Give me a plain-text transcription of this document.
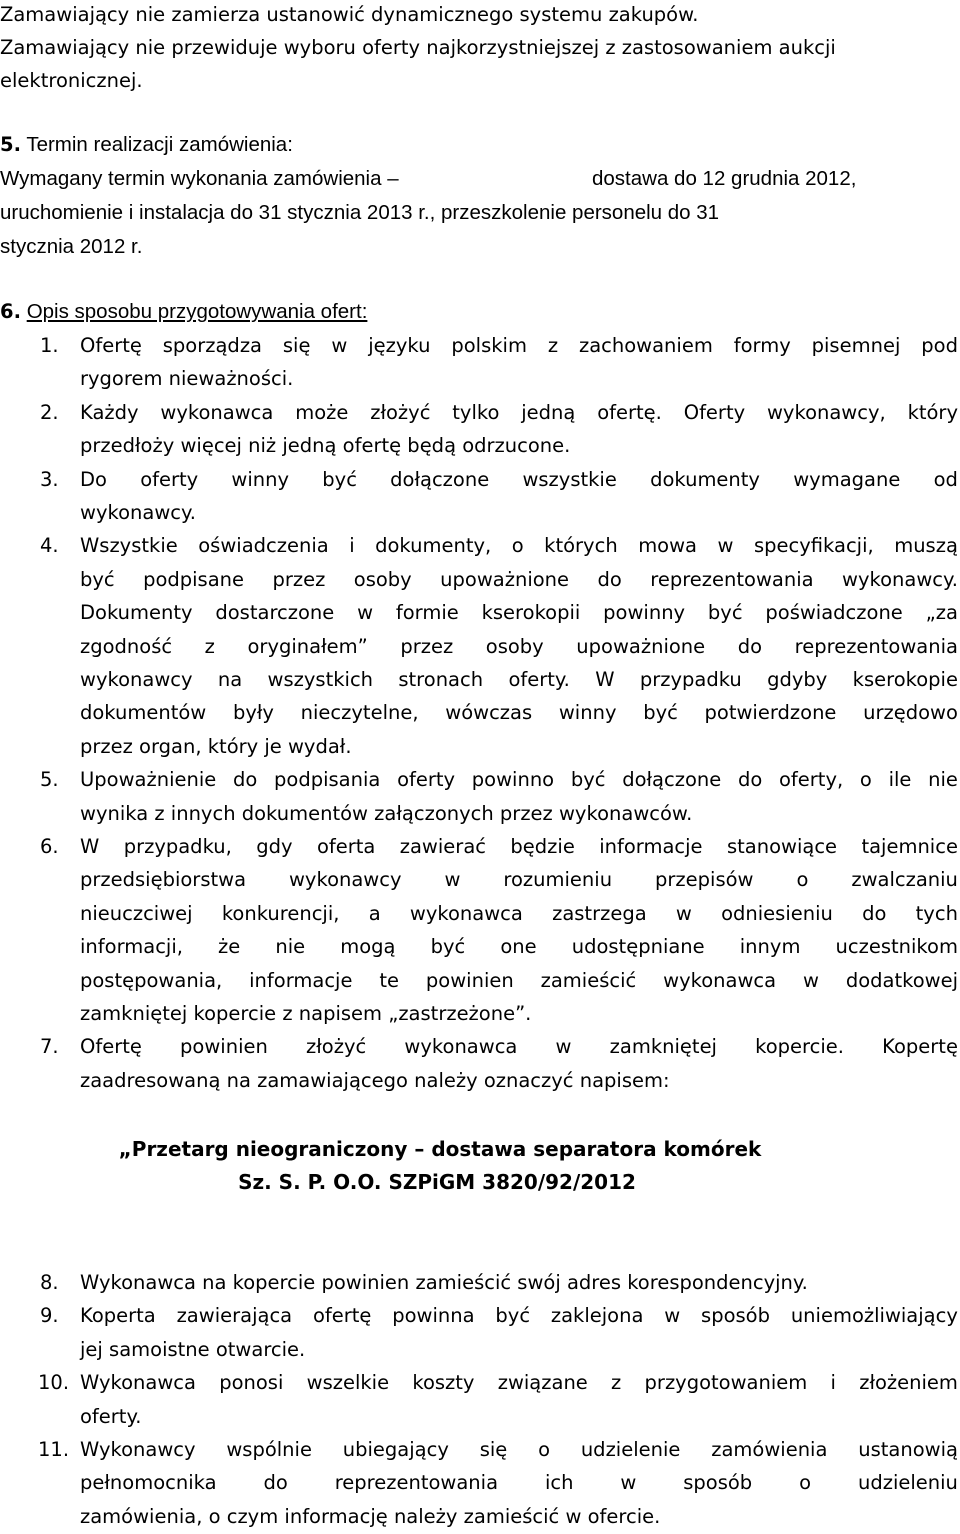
Zamawiający nie zamierza ustanowić dynamicznego systemu zakupów.
Zamawiający nie przewiduje wyboru oferty najkorzystniejszej z zastosowaniem aukcji
elektronicznej.
5. Termin realizacji zamówienia:
Wymagany termin wykonania zamówienia –	dostawa do 12 grudnia 2012,
uruchomienie i instalacja do 31 stycznia 2013 r., przeszkolenie personelu do 31
stycznia 2012 r.
6. Opis sposobu przygotowywania ofert:
1. Ofertę sporządza się w języku polskim z zachowaniem formy pisemnej pod
rygorem nieważności.
2. Każdy wykonawca może złożyć tylko jedną ofertę. Oferty wykonawcy, który
przedłoży więcej niż jedną ofertę będą odrzucone.
3. Do oferty winny być dołączone wszystkie dokumenty wymagane od
wykonawcy.
4. Wszystkie oświadczenia i dokumenty, o których mowa w specyfikacji, muszą
być podpisane przez osoby upoważnione do reprezentowania wykonawcy.
Dokumenty dostarczone w formie kserokopii powinny być poświadczone „za
zgodność z oryginałem” przez osoby upoważnione do reprezentowania
wykonawcy na wszystkich stronach oferty. W przypadku gdyby kserokopie
dokumentów były nieczytelne, wówczas winny być potwierdzone urzędowo
przez organ, który je wydał.
5. Upoważnienie do podpisania oferty powinno być dołączone do oferty, o ile nie
wynika z innych dokumentów załączonych przez wykonawców.
6. W przypadku, gdy oferta zawierać będzie informacje stanowiące tajemnice
przedsiębiorstwa wykonawcy w rozumieniu przepisów o zwalczaniu
nieuczciwej konkurencji, a wykonawca zastrzega w odniesieniu do tych
informacji, że nie mogą być one udostępniane innym uczestnikom
postępowania, informacje te powinien zamieścić wykonawca w dodatkowej
zamkniętej kopercie z napisem „zastrzeżone”.
7. Ofertę powinien złożyć wykonawca w zamkniętej kopercie. Kopertę
zaadresowaną na zamawiającego należy oznaczyć napisem:
„Przetarg nieograniczony – dostawa separatora komórek
Sz. S. P. O.O. SZPiGM 3820/92/2012
8. Wykonawca na kopercie powinien zamieścić swój adres korespondencyjny.
9. Koperta zawierająca ofertę powinna być zaklejona w sposób uniemożliwiający
jej samoistne otwarcie.
10. Wykonawca ponosi wszelkie koszty związane z przygotowaniem i złożeniem
oferty.
11. Wykonawcy wspólnie ubiegający się o udzielenie zamówienia ustanowią
pełnomocnika do reprezentowania ich w sposób o udzieleniu
zamówienia, o czym informację należy zamieścić w ofercie.
